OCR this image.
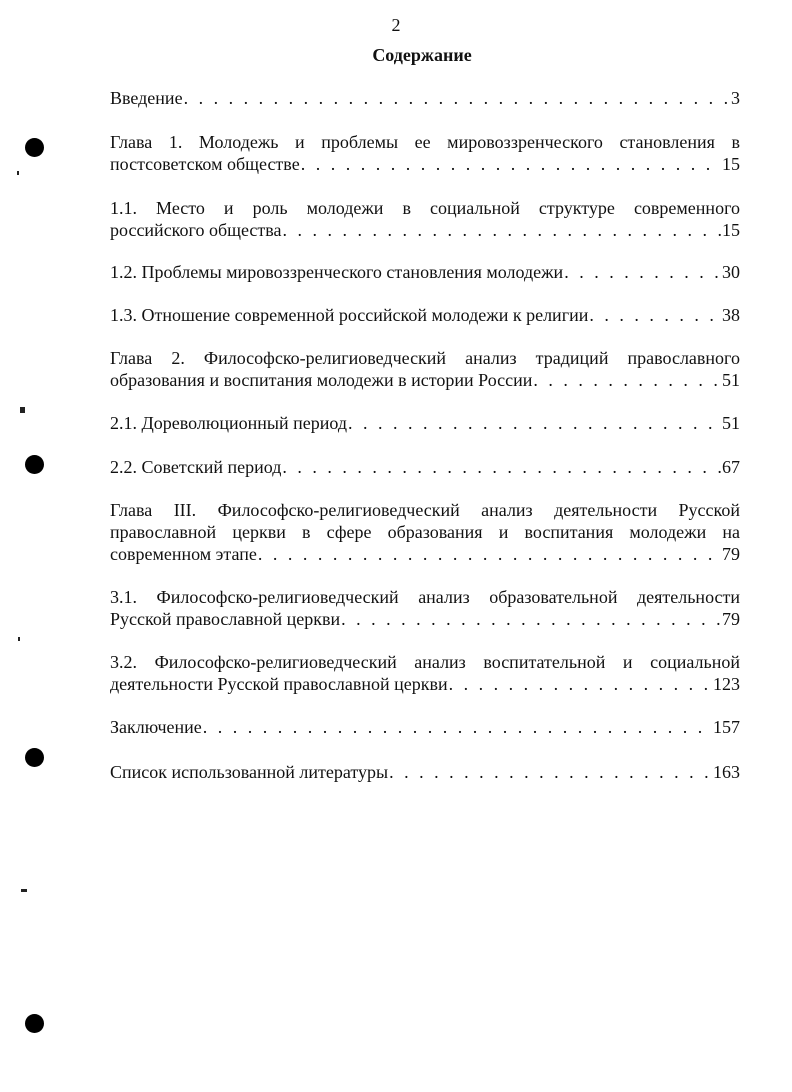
2
Содержание
Введение . . .	3
Глава 1. Молодежь и проблемы ее мировоззренческого становления в
постсоветском обществе . . .	15
1.1. Место и роль молодежи в социальной структуре современного
российского общества . . .	15
1.2. Проблемы мировоззренческого становления молодежи . . .	30
1.3. Отношение современной российской молодежи к религии . . .	38
Глава 2. Философско-религиоведческий анализ традиций православного
образования и воспитания молодежи в истории России . . .	51
2.1. Дореволюционный период . . .	51
2.2. Советский период . . .	67
Глава III. Философско-религиоведческий анализ деятельности Русской
православной церкви в сфере образования и воспитания молодежи на
современном этапе . . .	79
3.1. Философско-религиоведческий анализ образовательной деятельности
Русской православной церкви . . .	79
3.2. Философско-религиоведческий анализ воспитательной и социальной
деятельности Русской православной церкви . . .	123
Заключение . . .	157
Список использованной литературы . . .	163
